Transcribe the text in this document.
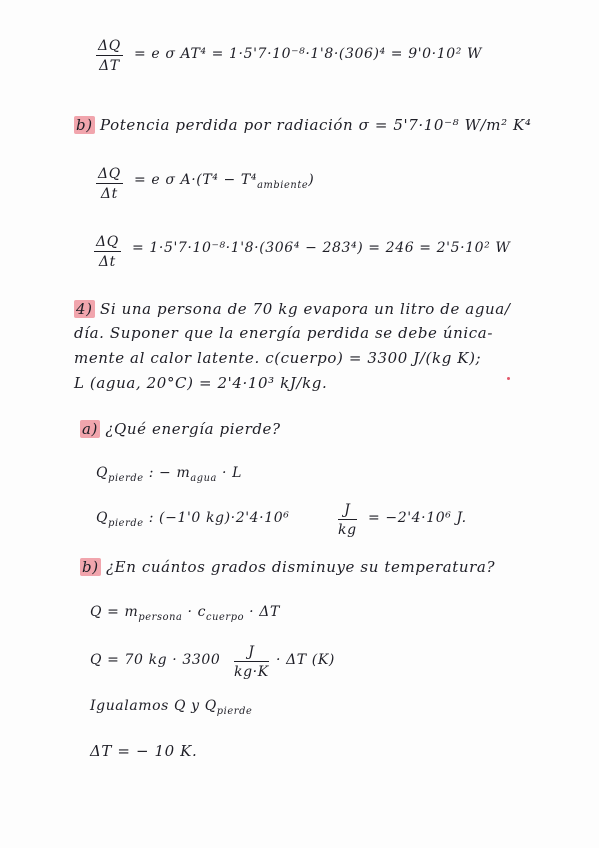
$\frac{\Delta Q}{\Delta T} = e$ σ AT⁴ = 1·5'7·10⁻⁸·1'8·(306)⁴ = 9'0·10² W
b) Potencia perdida por radiación σ = 5'7·10⁻⁸ W/m² K⁴
$\frac{\Delta Q}{\Delta t} = e$ σ $A\cdot(T^4 - T^4_{ambiente})$
$\frac{\Delta Q}{\Delta t} = 1\cdot 5'7\cdot 10^{-8}\cdot 1'8\cdot(306^4 - 283^4) = 246 = 2'5\cdot 10^2$ W
4) Si una persona de 70 kg evapora un litro de agua/
día. Suponer que la energía perdida se debe única-
mente al calor latente. c(cuerpo) = 3300 J/(kg K);
L (agua, 20°C) = 2'4·10³ kJ/kg.
a) ¿Qué energía pierde?
$Q_{pierde}$ : − $m_{agua} \cdot L$
$Q_{pierde}$ : (−1'0 kg)·2'4·10⁶	$\frac{J}{kg} = -2'4\cdot 10^6$ J.
b) ¿En cuántos grados disminuye su temperatura?
$Q = m_{persona} \cdot c_{cuerpo} \cdot \Delta T$
Q = 70 kg · $3300 \frac{J}{kg\cdot K} \cdot \Delta T$ (K)
Igualamos Q y $Q_{pierde}$
ΔT = − 10 K.
